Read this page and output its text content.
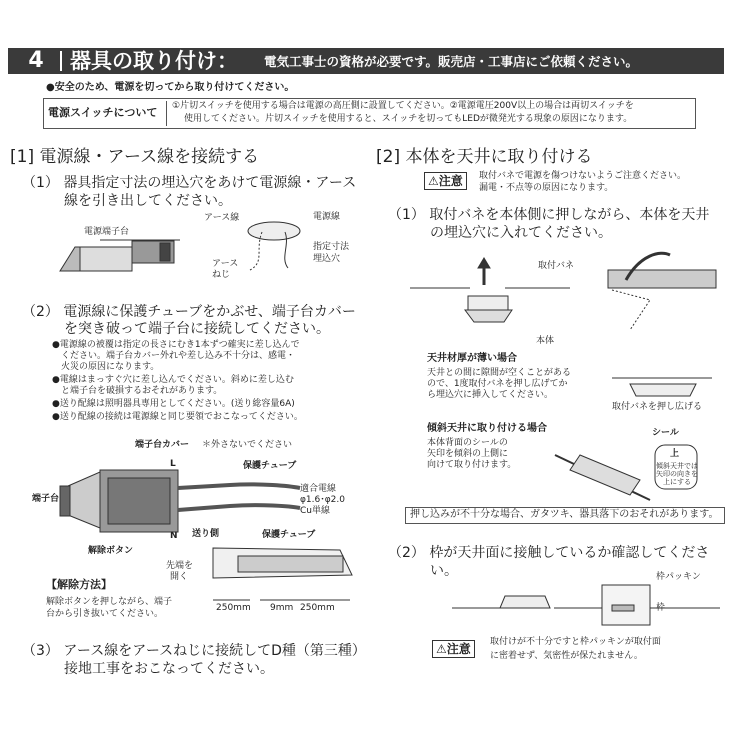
4	器具の取り付け： 電気工事士の資格が必要です。販売店・工事店にご依頼ください。
●安全のため、電源を切ってから取り付けてください。
電源スイッチについて ①片切スイッチを使用する場合は電源の高圧側に設置してください。②電源電圧200V以上の場合は両切スイッチを
使用してください。片切スイッチを使用すると、スイッチを切ってもLEDが微発光する現象の原因になります。
[1] 電源線・アース線を接続する
（1） 器具指定寸法の埋込穴をあけて電源線・アース
線を引き出してください。
電源端子台
アース線	電源線
アース
ねじ
指定寸法
埋込穴
（2） 電源線に保護チューブをかぶせ、端子台カバー
を突き破って端子台に接続してください。
●電源線の被覆は指定の長さにむき1本ずつ確実に差し込んで
　ください。端子台カバー外れや差し込み不十分は、感電・
　火災の原因になります。
●電線はまっすぐ穴に差し込んでください。斜めに差し込む
　と端子台を破損するおそれがあります。
●送り配線は照明器具専用としてください。(送り総容量6A)
●送り配線の接続は電源線と同じ要領でおこなってください。
端子台カバー ＊外さないでください
L
N
保護チューブ
適合電線
φ1.6･φ2.0
Cu単線
端子台
送り側
解除ボタン
保護チューブ
先端を
開く
250mm 9mm 250mm
【解除方法】
解除ボタンを押しながら、端子
台から引き抜いてください。
（3） アース線をアースねじに接続してD種（第三種）
接地工事をおこなってください。
[2] 本体を天井に取り付ける
⚠注意	取付バネで電源を傷つけないようご注意ください。
漏電・不点等の原因になります。
（1） 取付バネを本体側に押しながら、本体を天井
の埋込穴に入れてください。
取付バネ
本体
天井材厚が薄い場合
天井との間に隙間が空くことがある
ので、1度取付バネを押し広げてか
ら埋込穴に挿入してください。
取付バネを押し広げる
傾斜天井に取り付ける場合
本体背面のシールの
矢印を傾斜の上側に
向けて取り付けます。
シール
上
傾斜天井では
矢印の向きを
上にする
押し込みが不十分な場合、ガタツキ、器具落下のおそれがあります。
（2） 枠が天井面に接触しているか確認してくださ
い。	枠パッキン
枠
⚠注意	取付けが不十分ですと枠パッキンが取付面
に密着せず、気密性が保たれません。
